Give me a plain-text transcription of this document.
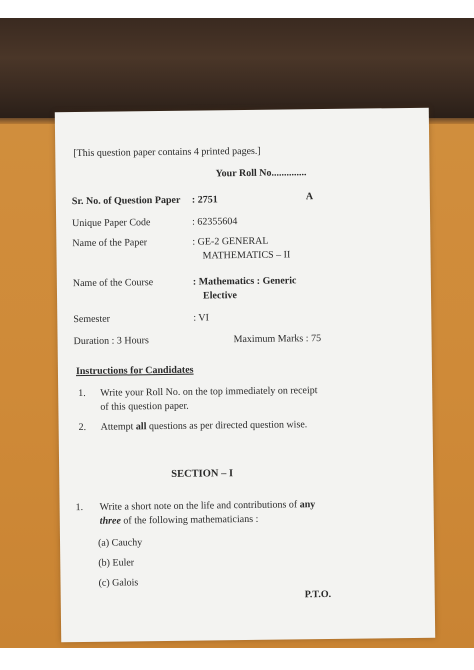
[This question paper contains 4 printed pages.]
Your Roll No..............
Sr. No. of Question Paper : 2751	A
Unique Paper Code	: 62355604
Name of the Paper	: GE-2 GENERAL
MATHEMATICS – II
Name of the Course	: Mathematics : Generic
Elective
Semester	: VI
Duration : 3 Hours	Maximum Marks : 75
Instructions for Candidates
1. Write your Roll No. on the top immediately on receipt
of this question paper.
2. Attempt all questions as per directed question wise.
SECTION – I
1. Write a short note on the life and contributions of any
three of the following mathematicians :
(a) Cauchy
(b) Euler
(c) Galois
P.T.O.
